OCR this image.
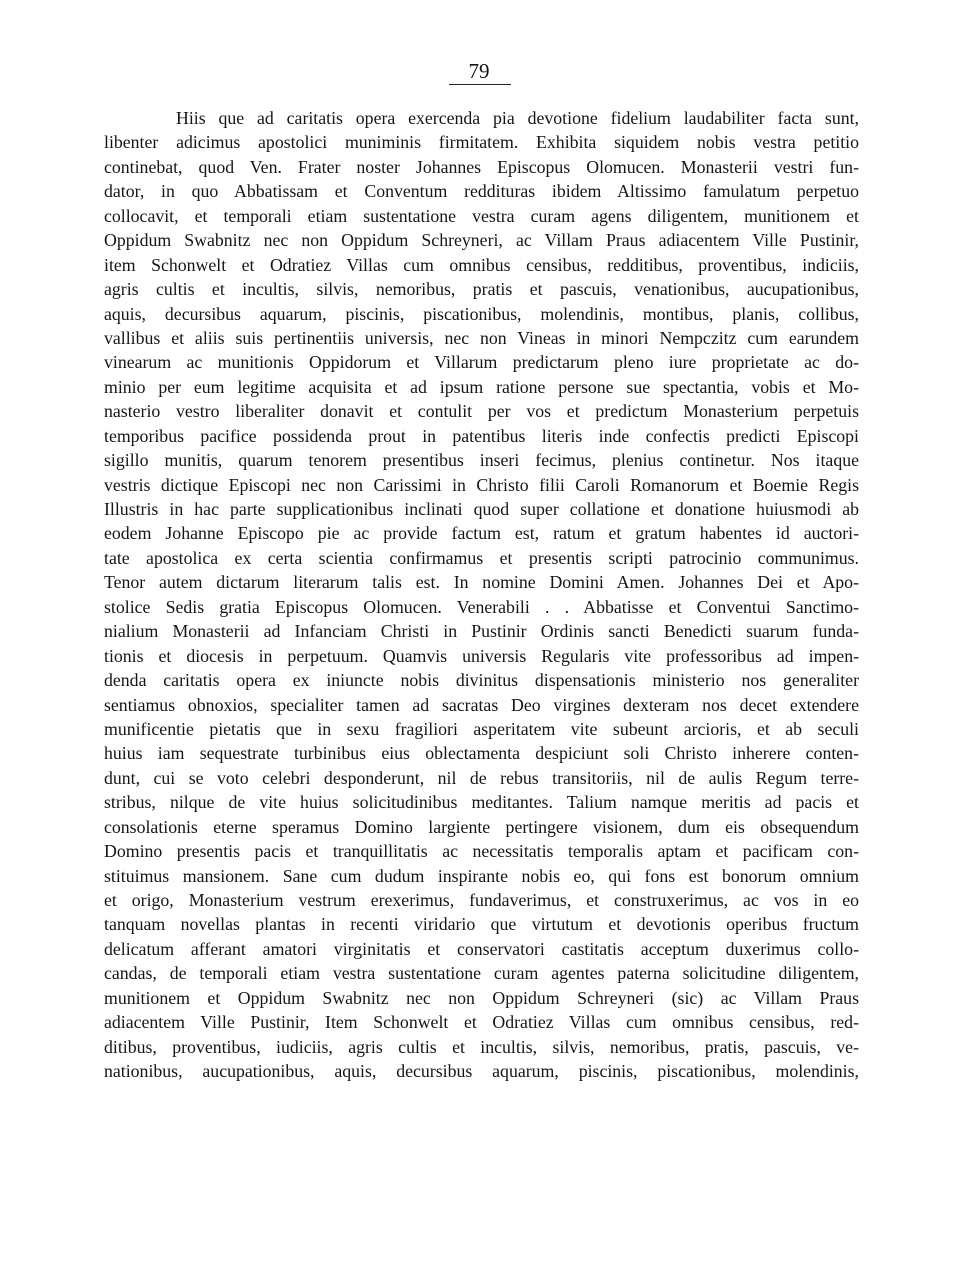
79
Hiis que ad caritatis opera exercenda pia devotione fidelium laudabiliter facta sunt,
libenter adicimus apostolici muniminis firmitatem. Exhibita siquidem nobis vestra petitio
continebat, quod Ven. Frater noster Johannes Episcopus Olomucen. Monasterii vestri fun-
dator, in quo Abbatissam et Conventum reddituras ibidem Altissimo famulatum perpetuo
collocavit, et temporali etiam sustentatione vestra curam agens diligentem, munitionem et
Oppidum Swabnitz nec non Oppidum Schreyneri, ac Villam Praus adiacentem Ville Pustinir,
item Schonwelt et Odratiez Villas cum omnibus censibus, redditibus, proventibus, indiciis,
agris cultis et incultis, silvis, nemoribus, pratis et pascuis, venationibus, aucupationibus,
aquis, decursibus aquarum, piscinis, piscationibus, molendinis, montibus, planis, collibus,
vallibus et aliis suis pertinentiis universis, nec non Vineas in minori Nempczitz cum earundem
vinearum ac munitionis Oppidorum et Villarum predictarum pleno iure proprietate ac do-
minio per eum legitime acquisita et ad ipsum ratione persone sue spectantia, vobis et Mo-
nasterio vestro liberaliter donavit et contulit per vos et predictum Monasterium perpetuis
temporibus pacifice possidenda prout in patentibus literis inde confectis predicti Episcopi
sigillo munitis, quarum tenorem presentibus inseri fecimus, plenius continetur. Nos itaque
vestris dictique Episcopi nec non Carissimi in Christo filii Caroli Romanorum et Boemie Regis
Illustris in hac parte supplicationibus inclinati quod super collatione et donatione huiusmodi ab
eodem Johanne Episcopo pie ac provide factum est, ratum et gratum habentes id auctori-
tate apostolica ex certa scientia confirmamus et presentis scripti patrocinio communimus.
Tenor autem dictarum literarum talis est. In nomine Domini Amen. Johannes Dei et Apo-
stolice Sedis gratia Episcopus Olomucen. Venerabili . . Abbatisse et Conventui Sanctimo-
nialium Monasterii ad Infanciam Christi in Pustinir Ordinis sancti Benedicti suarum funda-
tionis et diocesis in perpetuum. Quamvis universis Regularis vite professoribus ad impen-
denda caritatis opera ex iniuncte nobis divinitus dispensationis ministerio nos generaliter
sentiamus obnoxios, specialiter tamen ad sacratas Deo virgines dexteram nos decet extendere
munificentie pietatis que in sexu fragiliori asperitatem vite subeunt arcioris, et ab seculi
huius iam sequestrate turbinibus eius oblectamenta despiciunt soli Christo inherere conten-
dunt, cui se voto celebri desponderunt, nil de rebus transitoriis, nil de aulis Regum terre-
stribus, nilque de vite huius solicitudinibus meditantes. Talium namque meritis ad pacis et
consolationis eterne speramus Domino largiente pertingere visionem, dum eis obsequendum
Domino presentis pacis et tranquillitatis ac necessitatis temporalis aptam et pacificam con-
stituimus mansionem. Sane cum dudum inspirante nobis eo, qui fons est bonorum omnium
et origo, Monasterium vestrum erexerimus, fundaverimus, et construxerimus, ac vos in eo
tanquam novellas plantas in recenti viridario que virtutum et devotionis operibus fructum
delicatum afferant amatori virginitatis et conservatori castitatis acceptum duxerimus collo-
candas, de temporali etiam vestra sustentatione curam agentes paterna solicitudine diligentem,
munitionem et Oppidum Swabnitz nec non Oppidum Schreyneri (sic) ac Villam Praus
adiacentem Ville Pustinir, Item Schonwelt et Odratiez Villas cum omnibus censibus, red-
ditibus, proventibus, iudiciis, agris cultis et incultis, silvis, nemoribus, pratis, pascuis, ve-
nationibus, aucupationibus, aquis, decursibus aquarum, piscinis, piscationibus, molendinis,
